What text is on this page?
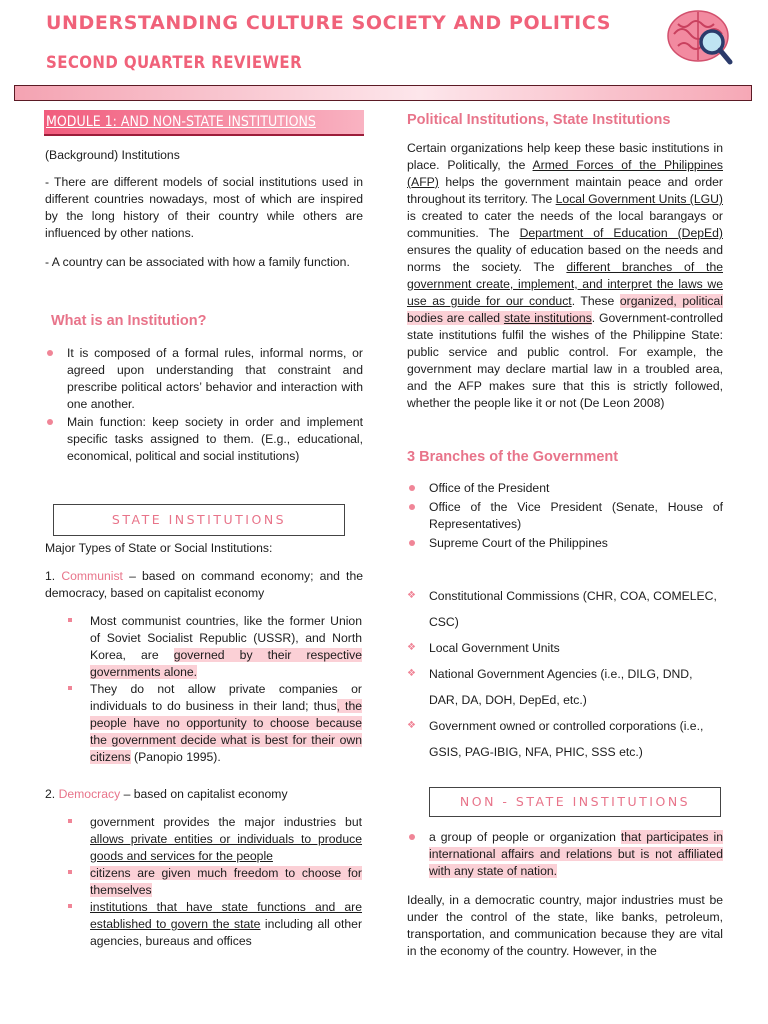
UNDERSTANDING CULTURE SOCIETY AND POLITICS
SECOND QUARTER REVIEWER
MODULE 1: AND NON-STATE INSTITUTIONS
(Background) Institutions
- There are different models of social institutions used in different countries nowadays, most of which are inspired by the long history of their country while others are influenced by other nations.
- A country can be associated with how a family function.
What is an Institution?
It is composed of a formal rules, informal norms, or agreed upon understanding that constraint and prescribe political actors’ behavior and interaction with one another.
Main function: keep society in order and implement specific tasks assigned to them. (E.g., educational, economical, political and social institutions)
STATE INSTITUTIONS
Major Types of State or Social Institutions:
1. Communist – based on command economy; and the democracy, based on capitalist economy
Most communist countries, like the former Union of Soviet Socialist Republic (USSR), and North Korea, are governed by their respective governments alone.
They do not allow private companies or individuals to do business in their land; thus, the people have no opportunity to choose because the government decide what is best for their own citizens (Panopio 1995).
2. Democracy – based on capitalist economy
government provides the major industries but allows private entities or individuals to produce goods and services for the people
citizens are given much freedom to choose for themselves
institutions that have state functions and are established to govern the state including all other agencies, bureaus and offices
Political Institutions, State Institutions
Certain organizations help keep these basic institutions in place. Politically, the Armed Forces of the Philippines (AFP) helps the government maintain peace and order throughout its territory. The Local Government Units (LGU) is created to cater the needs of the local barangays or communities. The Department of Education (DepEd) ensures the quality of education based on the needs and norms the society. The different branches of the government create, implement, and interpret the laws we use as guide for our conduct. These organized, political bodies are called state institutions. Government-controlled state institutions fulfil the wishes of the Philippine State: public service and public control. For example, the government may declare martial law in a troubled area, and the AFP makes sure that this is strictly followed, whether the people like it or not (De Leon 2008)
3 Branches of the Government
Office of the President
Office of the Vice President (Senate, House of Representatives)
Supreme Court of the Philippines
❖ Constitutional Commissions (CHR, COA, COMELEC, CSC)
❖ Local Government Units
❖ National Government Agencies (i.e., DILG, DND, DAR, DA, DOH, DepEd, etc.)
❖ Government owned or controlled corporations (i.e., GSIS, PAG-IBIG, NFA, PHIC, SSS etc.)
NON - STATE INSTITUTIONS
a group of people or organization that participates in international affairs and relations but is not affiliated with any state of nation.
Ideally, in a democratic country, major industries must be under the control of the state, like banks, petroleum, transportation, and communication because they are vital in the economy of the country. However, in the
